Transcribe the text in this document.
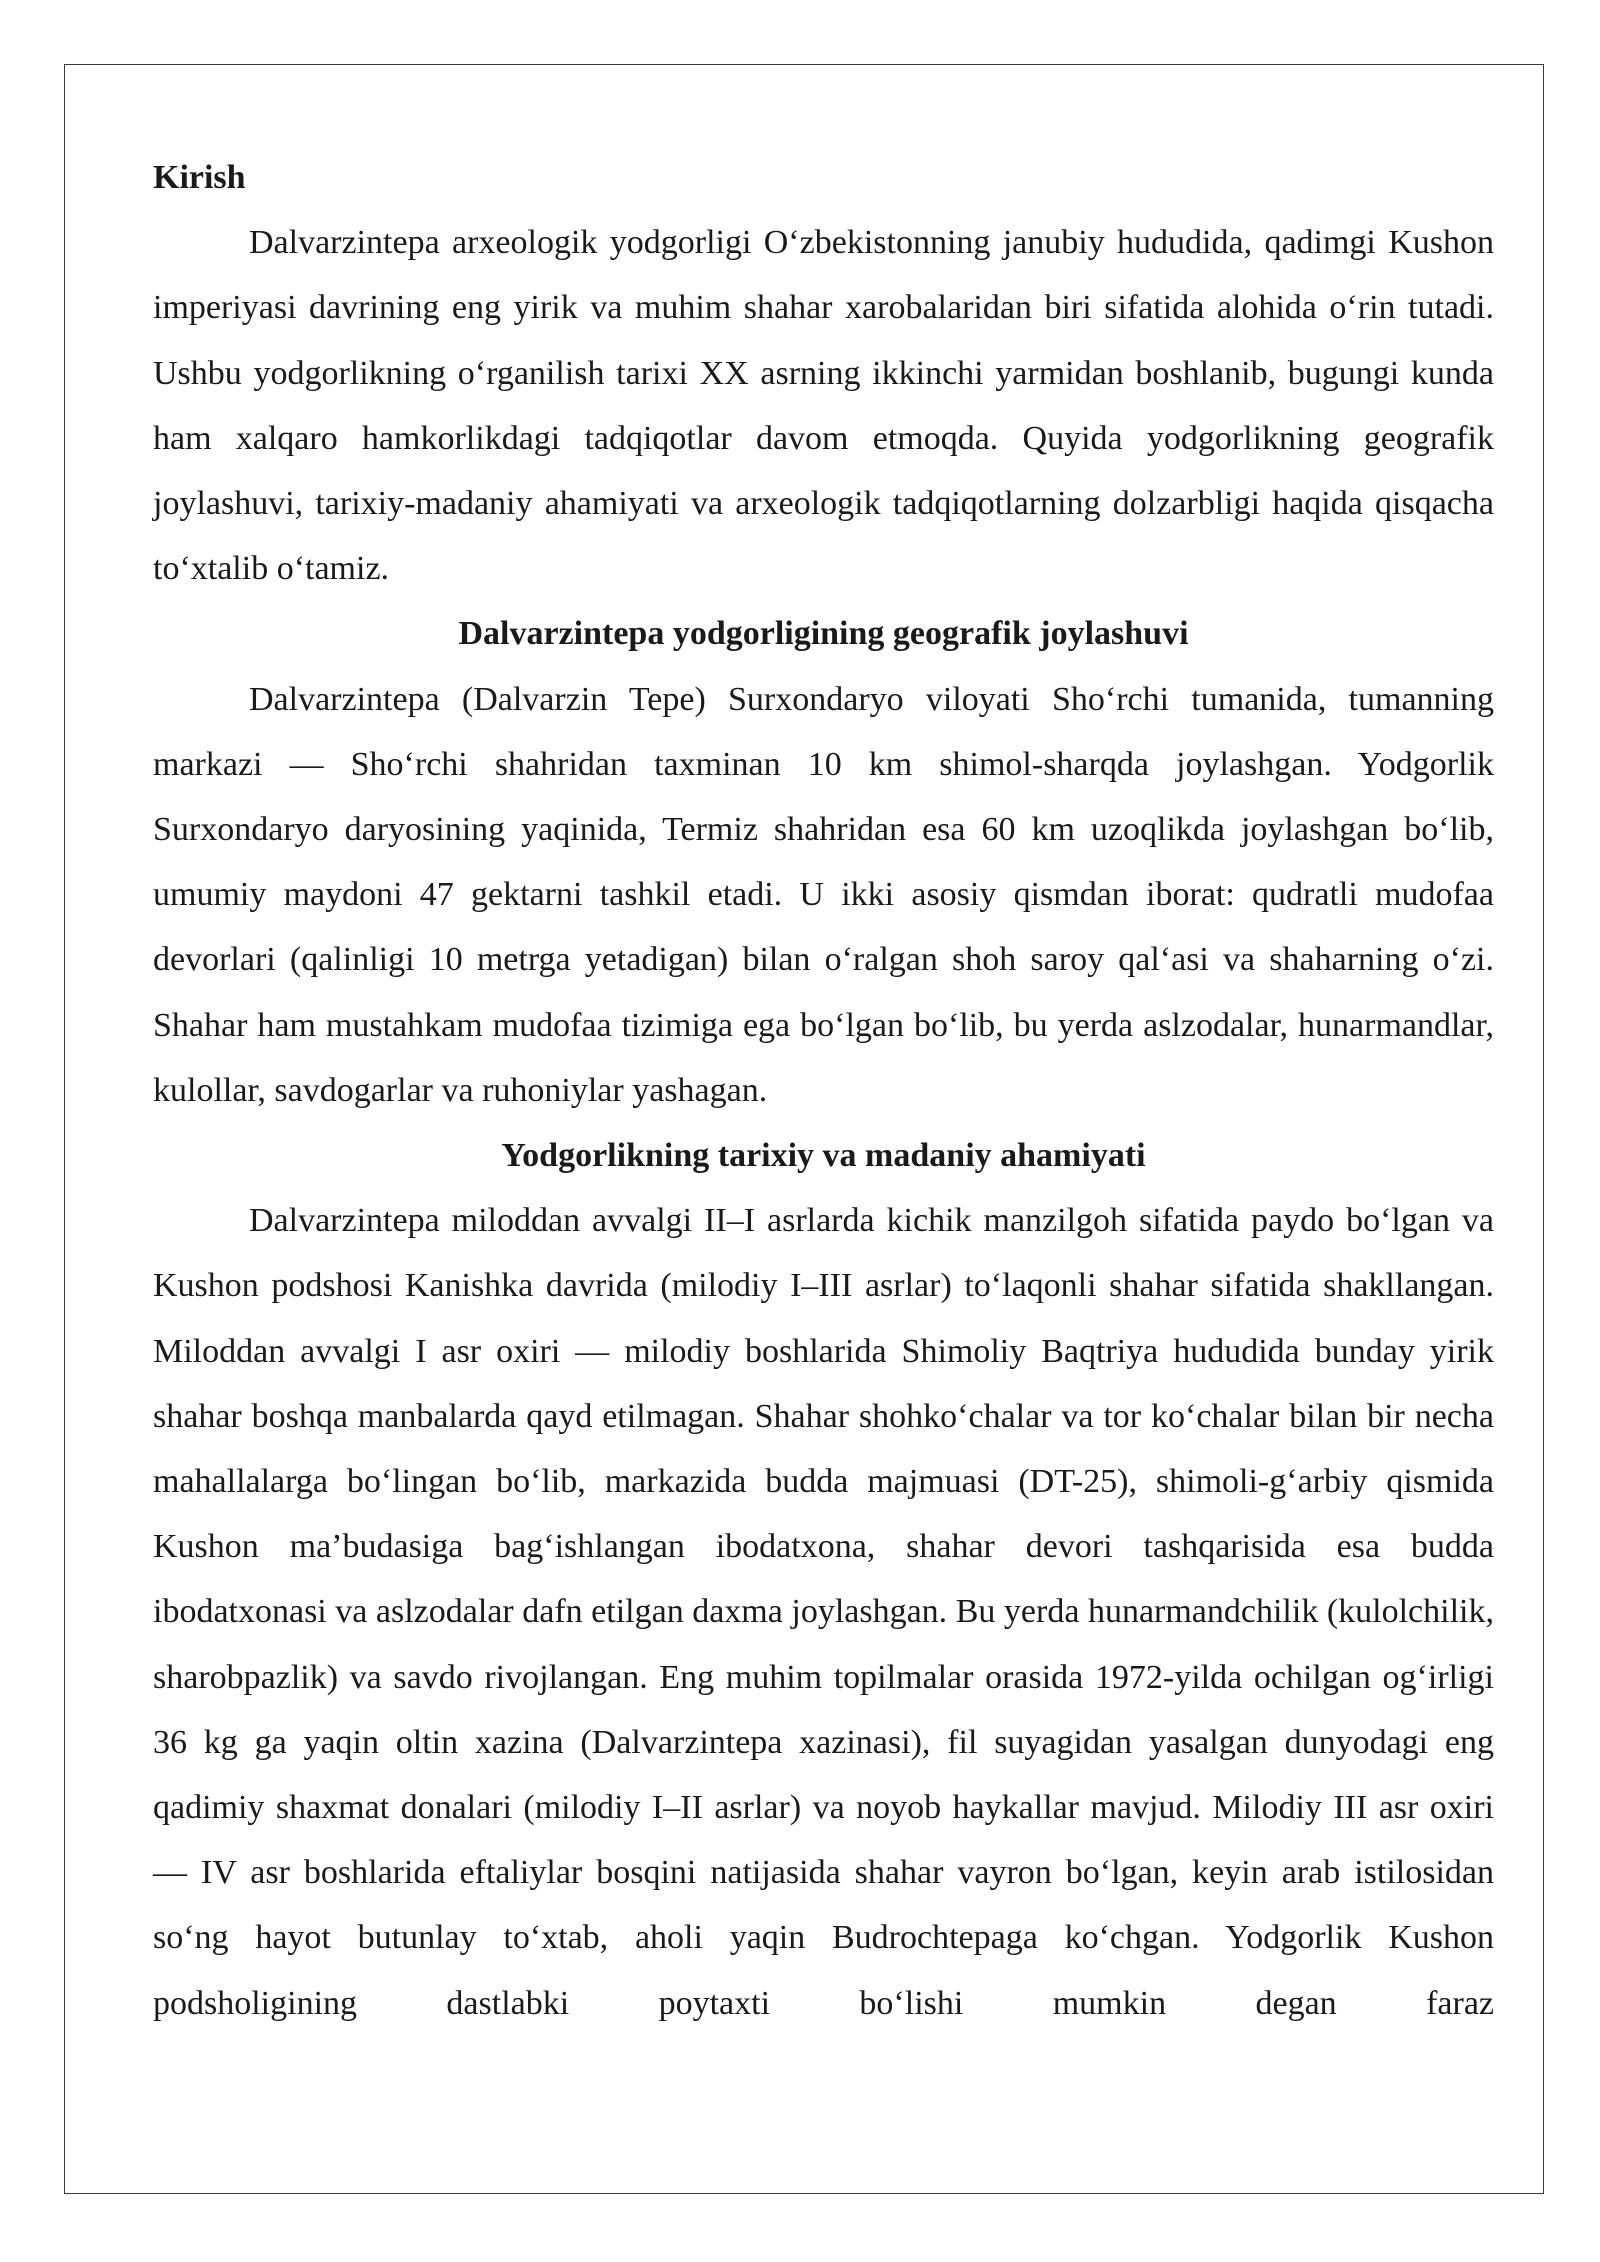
Kirish

Dalvarzintepa arxeologik yodgorligi O‘zbekistonning janubiy hududida, qadimgi Kushon imperiyasi davrining eng yirik va muhim shahar xarobalaridan biri sifatida alohida o‘rin tutadi. Ushbu yodgorlikning o‘rganilish tarixi XX asrning ikkinchi yarmidan boshlanib, bugungi kunda ham xalqaro hamkorlikdagi tadqiqotlar davom etmoqda. Quyida yodgorlikning geografik joylashuvi, tarixiy-madaniy ahamiyati va arxeologik tadqiqotlarning dolzarbligi haqida qisqacha to‘xtalib o‘tamiz.

Dalvarzintepa yodgorligining geografik joylashuvi

Dalvarzintepa (Dalvarzin Tepe) Surxondaryo viloyati Sho‘rchi tumanida, tumanning markazi — Sho‘rchi shahridan taxminan 10 km shimol-sharqda joylashgan. Yodgorlik Surxondaryo daryosining yaqinida, Termiz shahridan esa 60 km uzoqlikda joylashgan bo‘lib, umumiy maydoni 47 gektarni tashkil etadi. U ikki asosiy qismdan iborat: qudratli mudofaa devorlari (qalinligi 10 metrga yetadigan) bilan o‘ralgan shoh saroy qal‘asi va shaharning o‘zi. Shahar ham mustahkam mudofaa tizimiga ega bo‘lgan bo‘lib, bu yerda aslzodalar, hunarmandlar, kulollar, savdogarlar va ruhoniylar yashagan.

Yodgorlikning tarixiy va madaniy ahamiyati

Dalvarzintepa miloddan avvalgi II–I asrlarda kichik manzilgoh sifatida paydo bo‘lgan va Kushon podshosi Kanishka davrida (milodiy I–III asrlar) to‘laqonli shahar sifatida shakllangan. Miloddan avvalgi I asr oxiri — milodiy boshlarida Shimoliy Baqtriya hududida bunday yirik shahar boshqa manbalarda qayd etilmagan. Shahar shohko‘chalar va tor ko‘chalar bilan bir necha mahallalarga bo‘lingan bo‘lib, markazida budda majmuasi (DT-25), shimoli-g‘arbiy qismida Kushon ma’budasiga bag‘ishlangan ibodatxona, shahar devori tashqarisida esa budda ibodatxonasi va aslzodalar dafn etilgan daxma joylashgan. Bu yerda hunarmandchilik (kulolchilik, sharobpazlik) va savdo rivojlangan. Eng muhim topilmalar orasida 1972-yilda ochilgan og‘irligi 36 kg ga yaqin oltin xazina (Dalvarzintepa xazinasi), fil suyagidan yasalgan dunyodagi eng qadimiy shaxmat donalari (milodiy I–II asrlar) va noyob haykallar mavjud. Milodiy III asr oxiri — IV asr boshlarida eftaliylar bosqini natijasida shahar vayron bo‘lgan, keyin arab istilosidan so‘ng hayot butunlay to‘xtab, aholi yaqin Budrochtepaga ko‘chgan. Yodgorlik Kushon podsholigining dastlabki poytaxti bo‘lishi mumkin degan faraz
